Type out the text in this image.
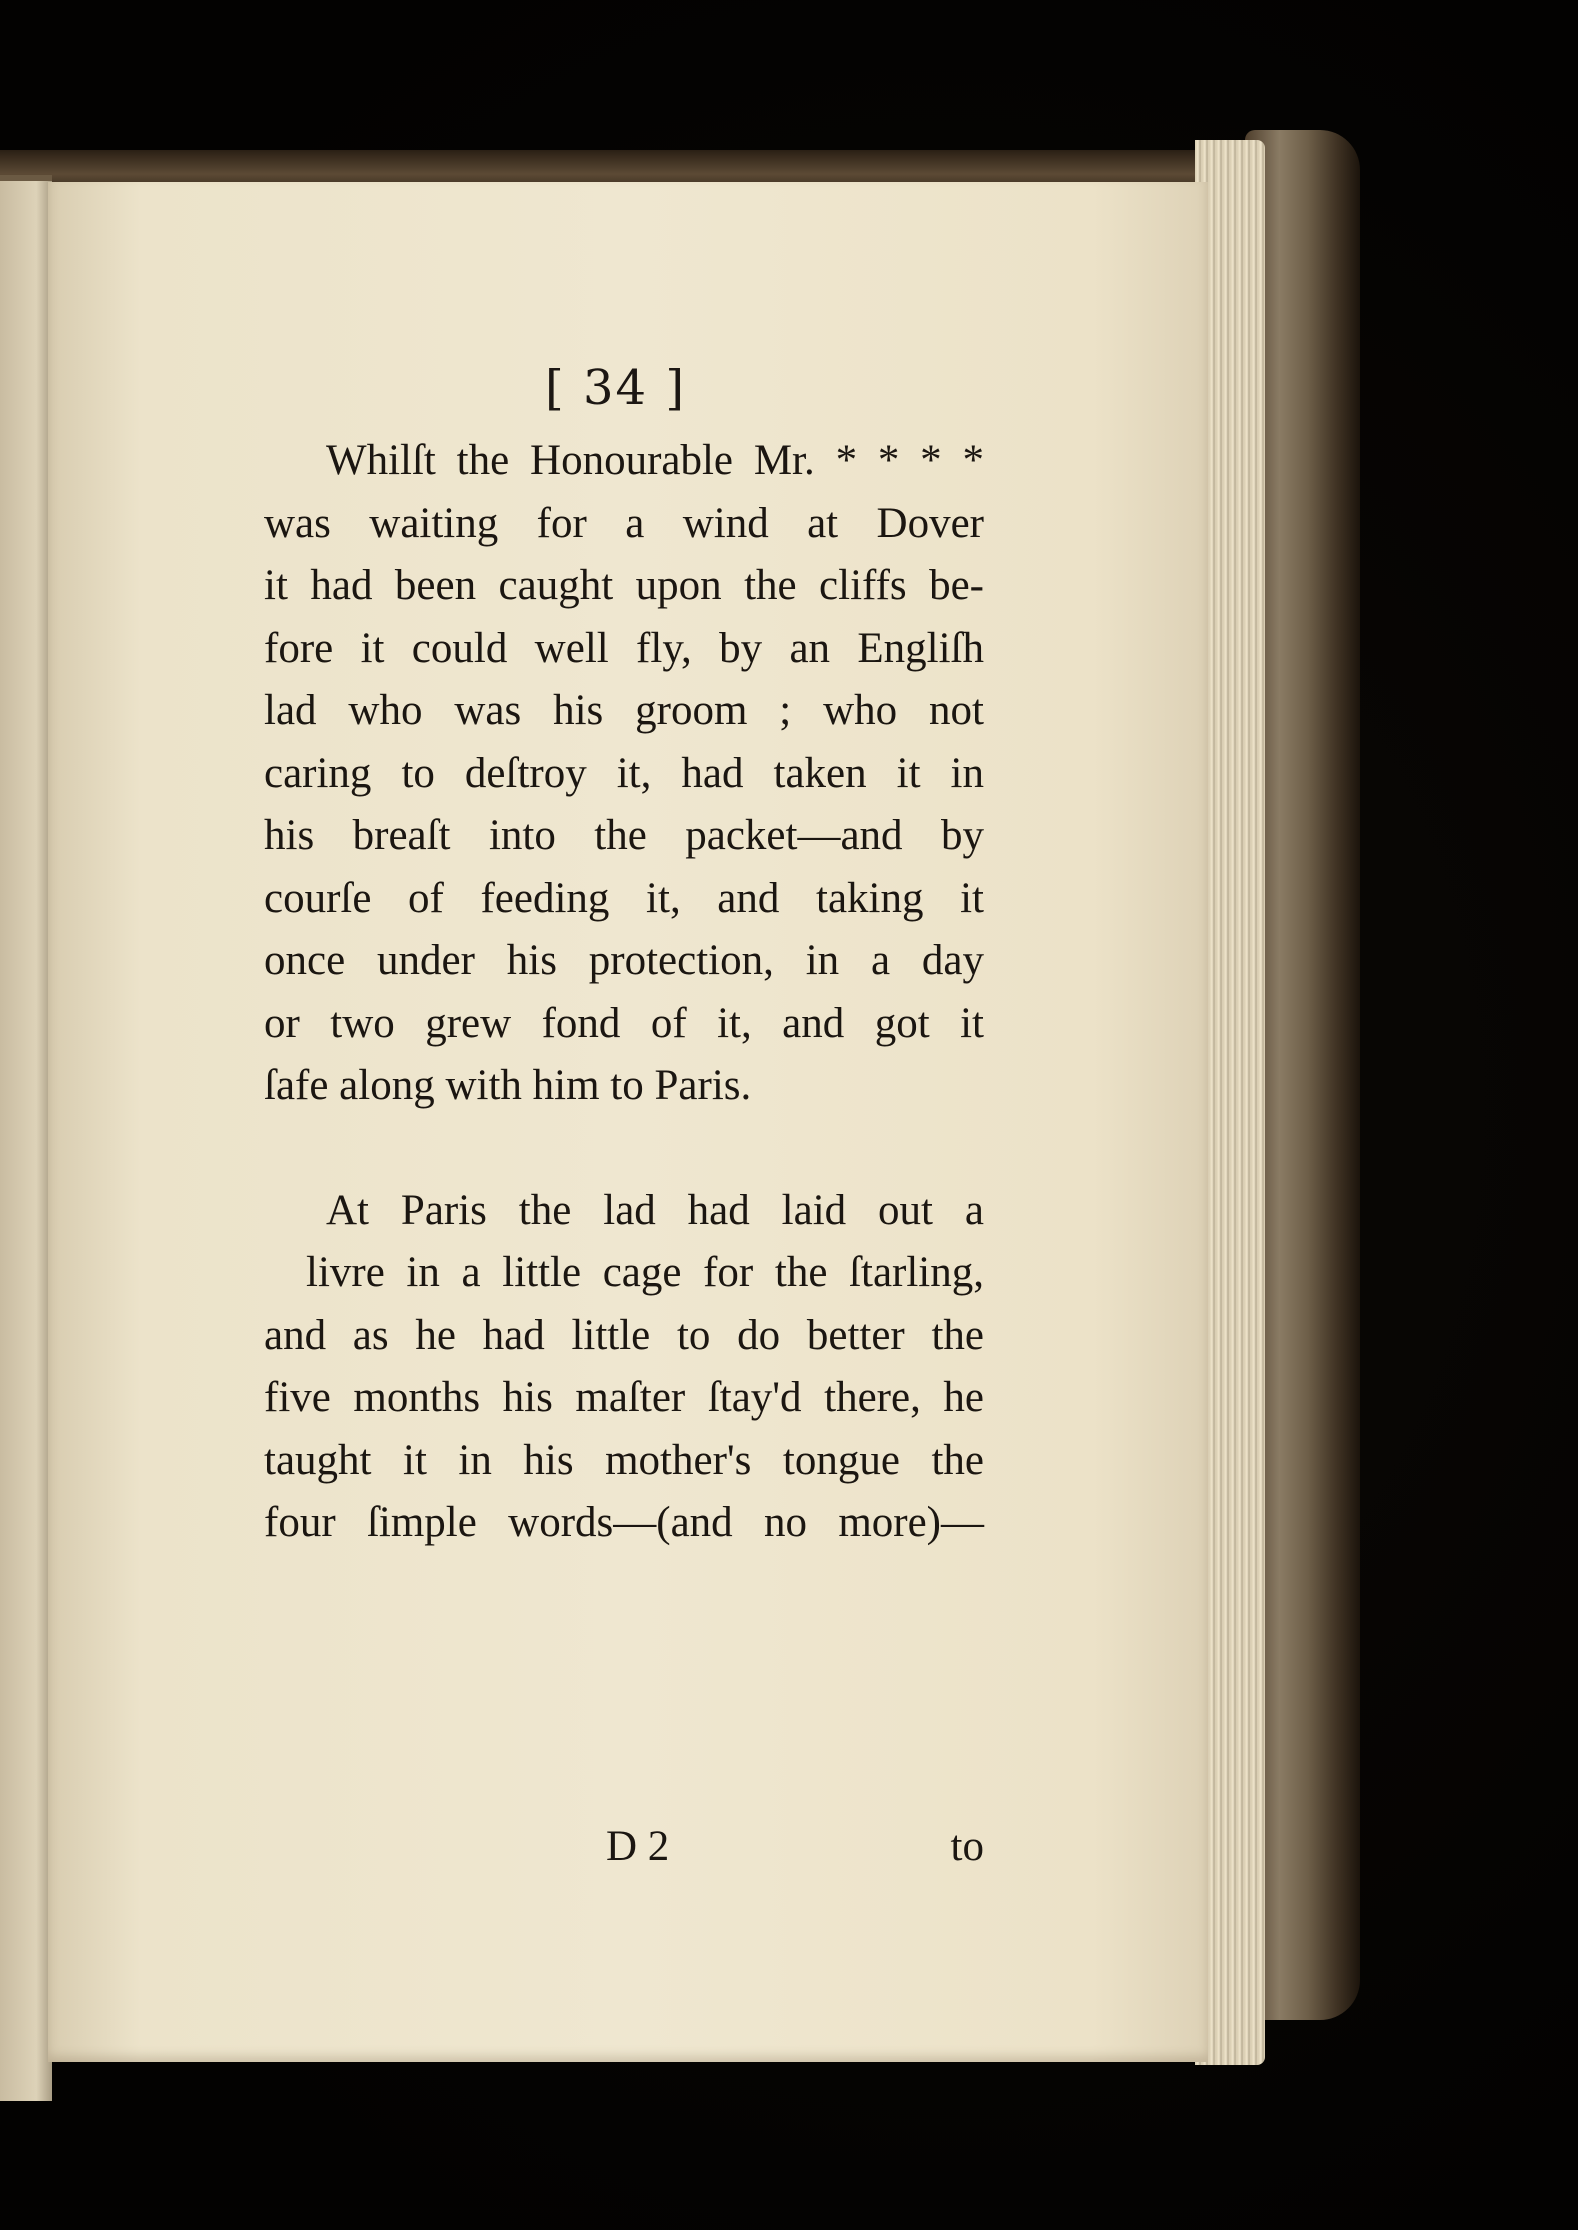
[ 34 ]
Whilſt the Honourable Mr. * * * *
was waiting for a wind at Dover
it had been caught upon the cliffs be-
fore it could well fly, by an Engliſh
lad who was his groom ; who not
caring to deſtroy it, had taken it in
his breaſt into the packet—and by
courſe of feeding it, and taking it
once under his protection, in a day
or two grew fond of it, and got it
ſafe along with him to Paris.
At Paris the lad had laid out a
livre in a little cage for the ſtarling,
and as he had little to do better the
five months his maſter ſtay'd there, he
taught it in his mother's tongue the
four ſimple words—(and no more)—
D 2	to
